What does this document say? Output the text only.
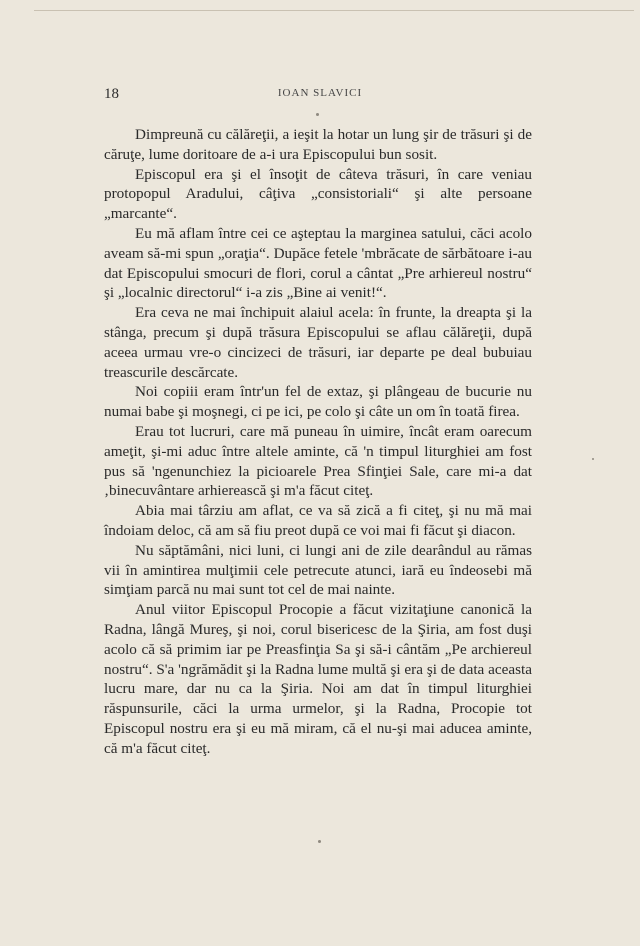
18	IOAN SLAVICI

Dimpreună cu călăreţii, a ieşit la hotar un lung şir de trăsuri şi de căruţe, lume doritoare de a-i ura Episcopului bun sosit.

Episcopul era şi el însoţit de câteva trăsuri, în care veniau protopopul Aradului, câţiva „consistoriali“ şi alte persoane „marcante“.

Eu mă aflam între cei ce aşteptau la marginea satului, căci acolo aveam să-mi spun „oraţia“. Dupăce fetele 'mbrăcate de sărbătoare i-au dat Episcopului smocuri de flori, corul a cântat „Pre arhiereul nostru“ şi „localnic directorul“ i-a zis „Bine ai venit!“.

Era ceva ne mai închipuit alaiul acela: în frunte, la dreapta şi la stânga, precum şi după trăsura Episcopului se aflau călăreţii, după aceea urmau vre-o cincizeci de trăsuri, iar departe pe deal bubuiau treascurile descărcate.

Noi copiii eram într'un fel de extaz, şi plângeau de bucurie nu numai babe şi moşnegi, ci pe ici, pe colo şi câte un om în toată firea.

Erau tot lucruri, care mă puneau în uimire, încât eram oarecum ameţit, şi-mi aduc între altele aminte, că 'n timpul liturghiei am fost pus să 'ngenunchiez la picioarele Prea Sfinţiei Sale, care mi-a dat ‚binecuvântare arhierească şi m'a făcut citeţ.

Abia mai târziu am aflat, ce va să zică a fi citeţ, şi nu mă mai îndoiam deloc, că am să fiu preot după ce voi mai fi făcut şi diacon.

Nu săptămâni, nici luni, ci lungi ani de zile dearândul au rămas vii în amintirea mulţimii cele petrecute atunci, iară eu îndeosebi mă simţiam parcă nu mai sunt tot cel de mai nainte.

Anul viitor Episcopul Procopie a făcut vizitaţiune canonică la Radna, lângă Mureş, şi noi, corul bisericesc de la Şiria, am fost duşi acolo că să primim iar pe Preasfinţia Sa şi să-i cântăm „Pe archiereul nostru“. S'a 'ngrămădit şi la Radna lume multă şi era şi de data aceasta lucru mare, dar nu ca la Şiria. Noi am dat în timpul liturghiei răspunsurile, căci la urma urmelor, şi la Radna, Procopie tot Episcopul nostru era şi eu mă miram, că el nu-şi mai aducea aminte, că m'a făcut citeţ.
